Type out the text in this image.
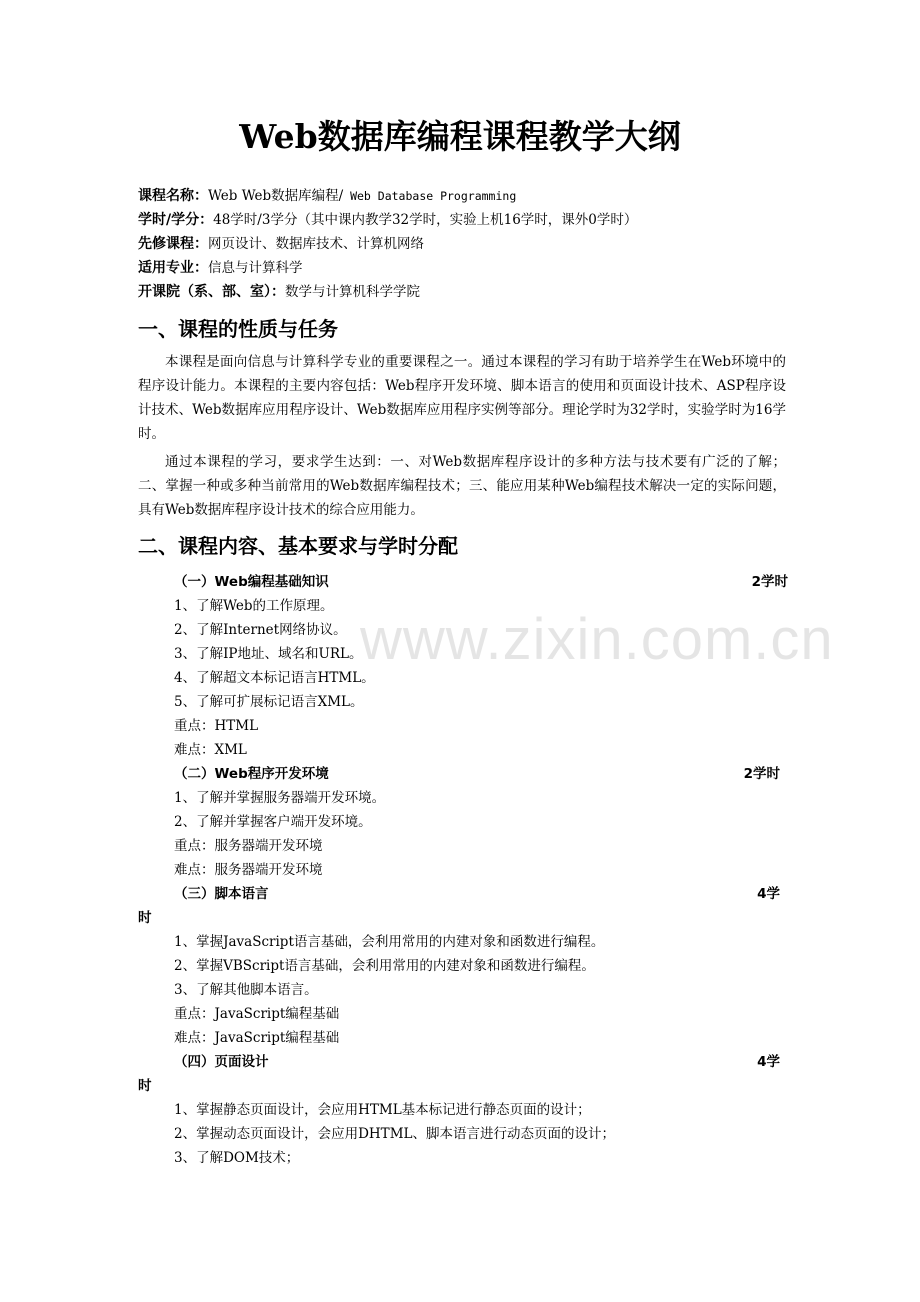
www.zixin.com.cn
Web数据库编程课程教学大纲
课程名称：Web Web数据库编程/ Web Database Programming
学时/学分：48学时/3学分（其中课内教学32学时，实验上机16学时，课外0学时）
先修课程：网页设计、数据库技术、计算机网络
适用专业：信息与计算科学
开课院（系、部、室）：数学与计算机科学学院
一、课程的性质与任务
本课程是面向信息与计算科学专业的重要课程之一。通过本课程的学习有助于培养学生在Web环境中的程序设计能力。本课程的主要内容包括：Web程序开发环境、脚本语言的使用和页面设计技术、ASP程序设计技术、Web数据库应用程序设计、Web数据库应用程序实例等部分。理论学时为32学时，实验学时为16学时。
通过本课程的学习，要求学生达到：一、对Web数据库程序设计的多种方法与技术要有广泛的了解；二、掌握一种或多种当前常用的Web数据库编程技术；三、能应用某种Web编程技术解决一定的实际问题，具有Web数据库程序设计技术的综合应用能力。
二、课程内容、基本要求与学时分配
（一）Web编程基础知识	2学时
1、了解Web的工作原理。
2、了解Internet网络协议。
3、了解IP地址、域名和URL。
4、了解超文本标记语言HTML。
5、了解可扩展标记语言XML。
重点：HTML
难点：XML
（二）Web程序开发环境	2学时
1、了解并掌握服务器端开发环境。
2、了解并掌握客户端开发环境。
重点：服务器端开发环境
难点：服务器端开发环境
（三）脚本语言	4学
时
1、掌握JavaScript语言基础，会利用常用的内建对象和函数进行编程。
2、掌握VBScript语言基础，会利用常用的内建对象和函数进行编程。
3、了解其他脚本语言。
重点：JavaScript编程基础
难点：JavaScript编程基础
（四）页面设计	4学
时
1、掌握静态页面设计，会应用HTML基本标记进行静态页面的设计；
2、掌握动态页面设计，会应用DHTML、脚本语言进行动态页面的设计；
3、了解DOM技术；
